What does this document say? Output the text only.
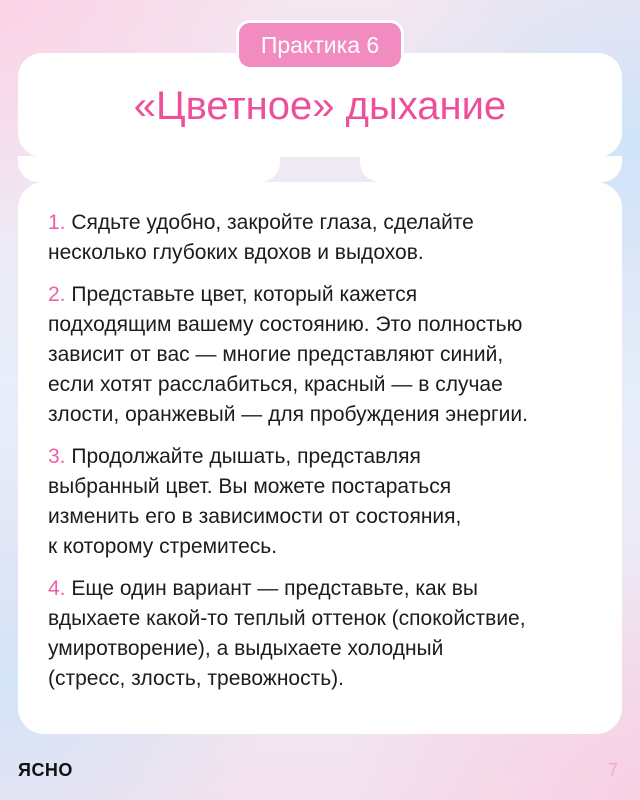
Практика 6
«Цветное» дыхание
1. Сядьте удобно, закройте глаза, сделайте
несколько глубоких вдохов и выдохов.
2. Представьте цвет, который кажется
подходящим вашему состоянию. Это полностью
зависит от вас — многие представляют синий,
если хотят расслабиться, красный — в случае
злости, оранжевый — для пробуждения энергии.
3. Продолжайте дышать, представляя
выбранный цвет. Вы можете постараться
изменить его в зависимости от состояния,
к которому стремитесь.
4. Еще один вариант — представьте, как вы
вдыхаете какой-то теплый оттенок (спокойствие,
умиротворение), а выдыхаете холодный
(стресс, злость, тревожность).
ЯСНО	7
